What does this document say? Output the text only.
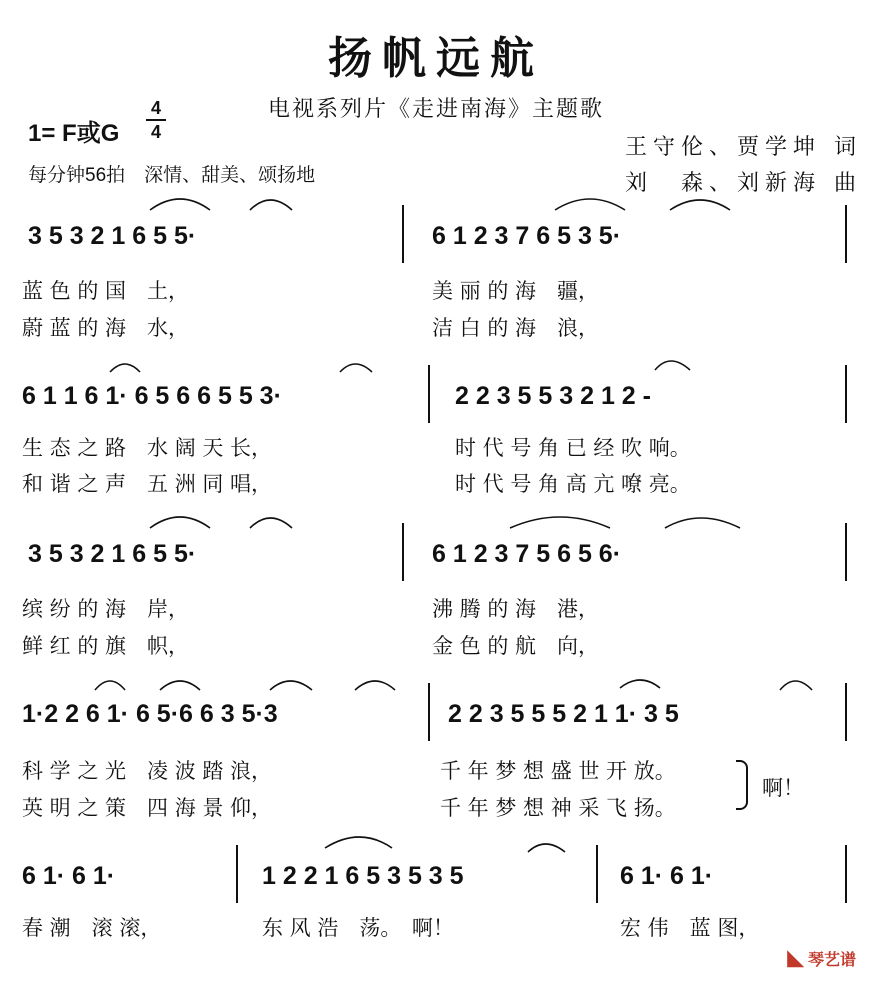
扬帆远航
电视系列片《走进南海》主题歌
1= F或G
4
4
每分钟56拍　深情、甜美、颂扬地
王守伦、贾学坤 词
刘　森、刘新海 曲
3 5 3 2 1 6 5 5·	6 1 2 3 7 6 5 3 5·
蓝 色 的 国　土，	美 丽 的 海　疆，
蔚 蓝 的 海　水，	洁 白 的 海　浪，
6 1 1 6 1· 6 5 6 6 5 5 3·	2 2 3 5 5 3 2 1 2 -
生 态 之 路　水 阔 天 长，	时 代 号 角 已 经 吹 响。
和 谐 之 声　五 洲 同 唱，	时 代 号 角 高 亢 嘹 亮。
3 5 3 2 1 6 5 5·	6 1 2 3 7 5 6 5 6·
缤 纷 的 海　岸，	沸 腾 的 海　港，
鲜 红 的 旗　帜，	金 色 的 航　向，
1·2 2 6 1· 6 5·6 6 3 5·3	2 2 3 5 5 5 2 1 1· 3 5
科 学 之 光　凌 波 踏 浪，	千 年 梦 想 盛 世 开 放。
英 明 之 策　四 海 景 仰，	千 年 梦 想 神 采 飞 扬。
啊！
6 1· 6 1·	1 2 2 1 6 5 3 5 3 5	6 1· 6 1·
春 潮　滚 滚，	东 风 浩　荡。　啊！	宏 伟　蓝 图，
◣ 琴艺谱
